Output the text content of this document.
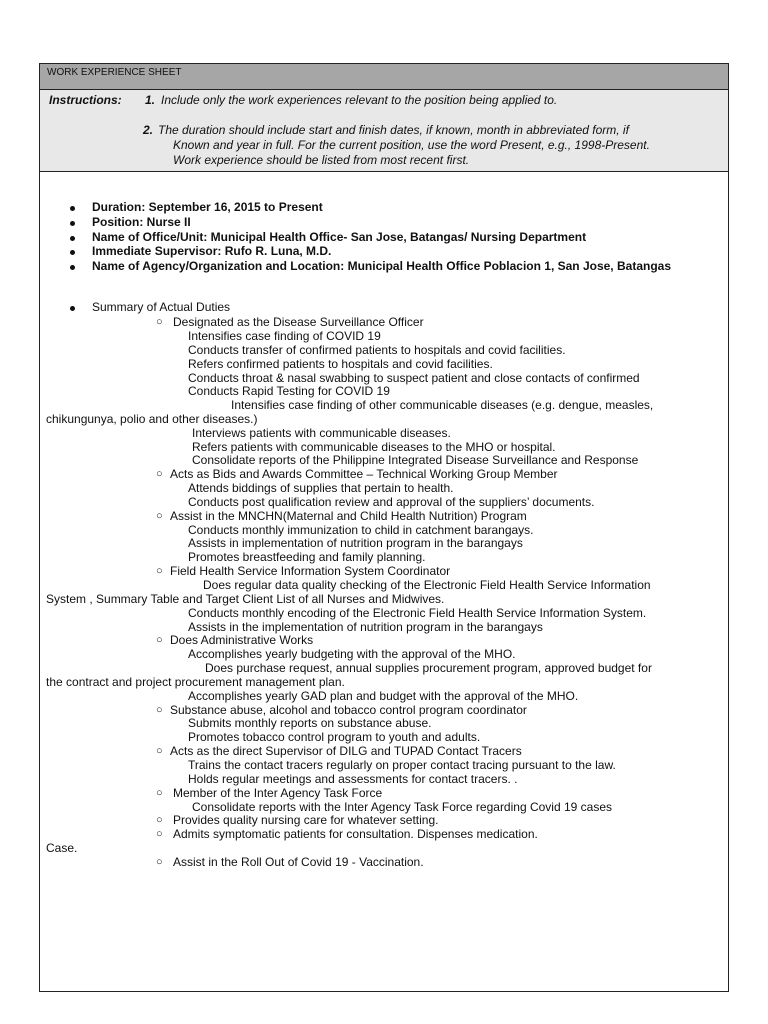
WORK EXPERIENCE SHEET
Instructions: 1. Include only the work experiences relevant to the position being applied to.
2. The duration should include start and finish dates, if known, month in abbreviated form, if
Known and year in full. For the current position, use the word Present, e.g., 1998-Present.
Work experience should be listed from most recent first.
Duration: September 16, 2015 to Present
Position: Nurse II
Name of Office/Unit: Municipal Health Office- San Jose, Batangas/ Nursing Department
Immediate Supervisor: Rufo R. Luna, M.D.
Name of Agency/Organization and Location: Municipal Health Office Poblacion 1, San Jose, Batangas
Summary of Actual Duties
○ Designated as the Disease Surveillance Officer
Intensifies case finding of COVID 19
Conducts transfer of confirmed patients to hospitals and covid facilities.
Refers confirmed patients to hospitals and covid facilities.
Conducts throat & nasal swabbing to suspect patient and close contacts of confirmed
Conducts Rapid Testing for COVID 19
Intensifies case finding of other communicable diseases (e.g. dengue, measles,
chikungunya, polio and other diseases.)
Interviews patients with communicable diseases.
Refers patients with communicable diseases to the MHO or hospital.
Consolidate reports of the Philippine Integrated Disease Surveillance and Response
○ Acts as Bids and Awards Committee – Technical Working Group Member
Attends biddings of supplies that pertain to health.
Conducts post qualification review and approval of the suppliers’ documents.
○ Assist in the MNCHN(Maternal and Child Health Nutrition) Program
Conducts monthly immunization to child in catchment barangays.
Assists in implementation of nutrition program in the barangays
Promotes breastfeeding and family planning.
○ Field Health Service Information System Coordinator
Does regular data quality checking of the Electronic Field Health Service Information
System , Summary Table and Target Client List of all Nurses and Midwives.
Conducts monthly encoding of the Electronic Field Health Service Information System.
Assists in the implementation of nutrition program in the barangays
○ Does Administrative Works
Accomplishes yearly budgeting with the approval of the MHO.
Does purchase request, annual supplies procurement program, approved budget for
the contract and project procurement management plan.
Accomplishes yearly GAD plan and budget with the approval of the MHO.
○ Substance abuse, alcohol and tobacco control program coordinator
Submits monthly reports on substance abuse.
Promotes tobacco control program to youth and adults.
○ Acts as the direct Supervisor of DILG and TUPAD Contact Tracers
Trains the contact tracers regularly on proper contact tracing pursuant to the law.
Holds regular meetings and assessments for contact tracers. .
○ Member of the Inter Agency Task Force
Consolidate reports with the Inter Agency Task Force regarding Covid 19 cases
○ Provides quality nursing care for whatever setting.
○ Admits symptomatic patients for consultation. Dispenses medication.
Case.
○ Assist in the Roll Out of Covid 19 - Vaccination.
